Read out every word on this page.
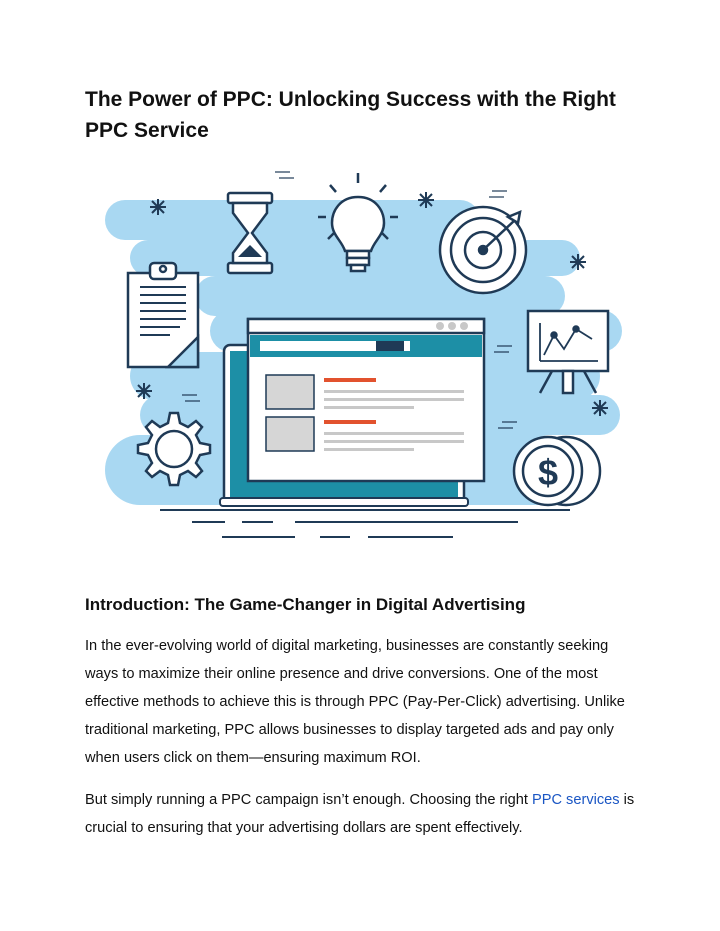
The Power of PPC: Unlocking Success with the Right PPC Service
$
Introduction: The Game-Changer in Digital Advertising

In the ever-evolving world of digital marketing, businesses are constantly seeking ways to maximize their online presence and drive conversions. One of the most effective methods to achieve this is through PPC (Pay-Per-Click) advertising. Unlike traditional marketing, PPC allows businesses to display targeted ads and pay only when users click on them—ensuring maximum ROI.

But simply running a PPC campaign isn’t enough. Choosing the right PPC services is crucial to ensuring that your advertising dollars are spent effectively.
